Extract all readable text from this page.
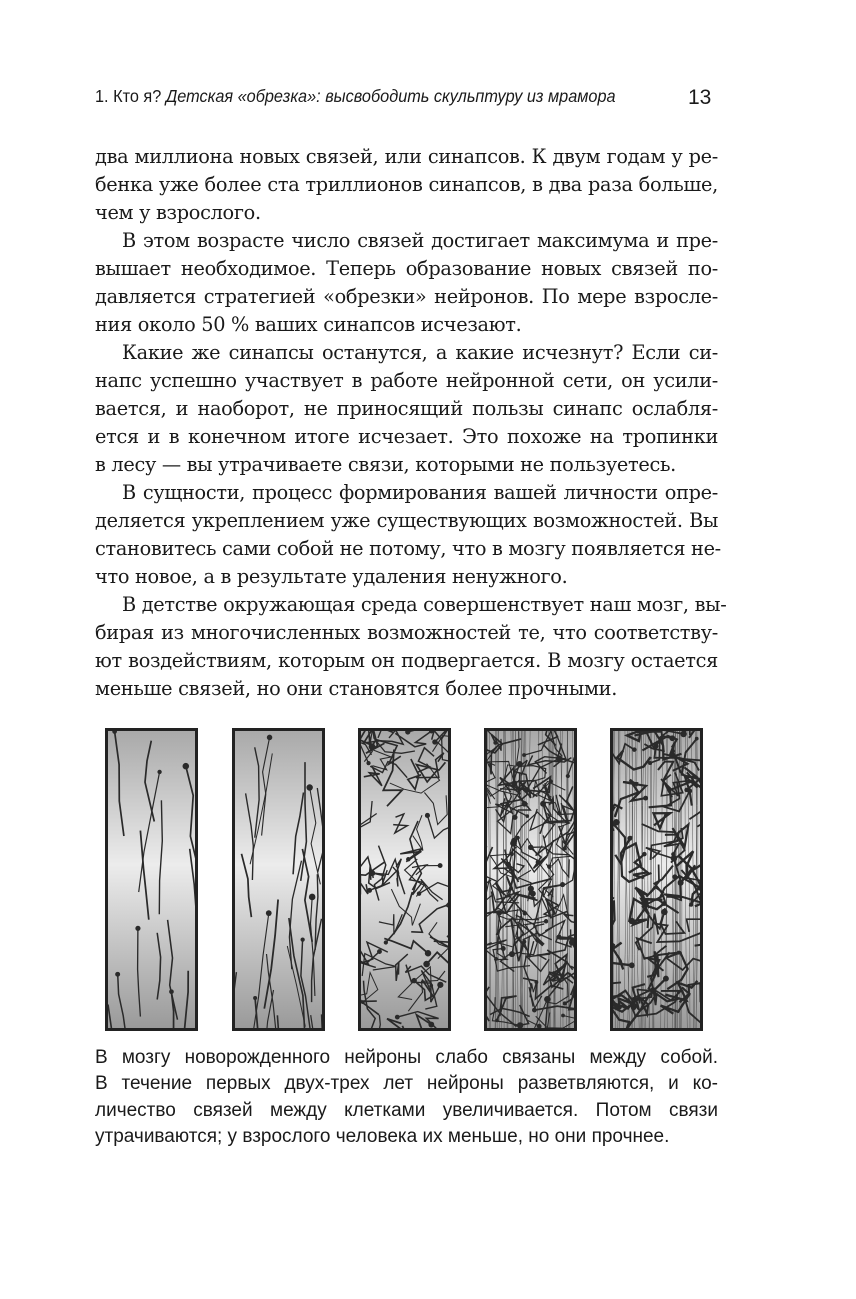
1. Кто я? Детская «обрезка»: высвободить скульптуру из мрамора	13
два миллиона новых связей, или синапсов. К двум годам у ре-
бенка уже более ста триллионов синапсов, в два раза больше,
чем у взрослого.
В этом возрасте число связей достигает максимума и пре-
вышает необходимое. Теперь образование новых связей по-
давляется стратегией «обрезки» нейронов. По мере взросле-
ния около 50 % ваших синапсов исчезают.
Какие же синапсы останутся, а какие исчезнут? Если си-
напс успешно участвует в работе нейронной сети, он усили-
вается, и наоборот, не приносящий пользы синапс ослабля-
ется и в конечном итоге исчезает. Это похоже на тропинки
в лесу — вы утрачиваете связи, которыми не пользуетесь.
В сущности, процесс формирования вашей личности опре-
деляется укреплением уже существующих возможностей. Вы
становитесь сами собой не потому, что в мозгу появляется не-
что новое, а в результате удаления ненужного.
В детстве окружающая среда совершенствует наш мозг, вы-
бирая из многочисленных возможностей те, что соответству-
ют воздействиям, которым он подвергается. В мозгу остается
меньше связей, но они становятся более прочными.
В мозгу новорожденного нейроны слабо связаны между собой.
В течение первых двух-трех лет нейроны разветвляются, и ко-
личество связей между клетками увеличивается. Потом связи
утрачиваются; у взрослого человека их меньше, но они прочнее.
